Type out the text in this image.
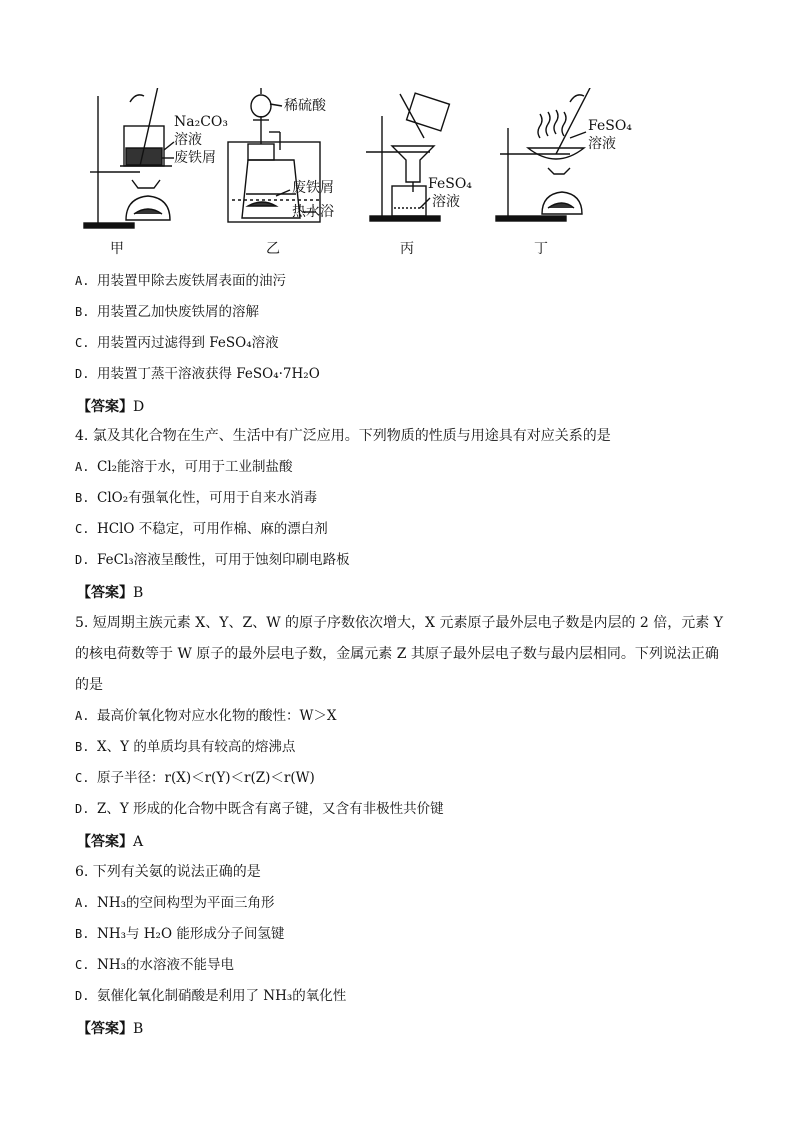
Na₂CO₃
溶液
废铁屑
稀硫酸
废铁屑
热水浴
FeSO₄
溶液
FeSO₄
溶液
甲	乙	丙	丁
A. 用装置甲除去废铁屑表面的油污
B. 用装置乙加快废铁屑的溶解
C. 用装置丙过滤得到 FeSO₄溶液
D. 用装置丁蒸干溶液获得 FeSO₄·7H₂O
【答案】D
4. 氯及其化合物在生产、生活中有广泛应用。下列物质的性质与用途具有对应关系的是
A. Cl₂能溶于水，可用于工业制盐酸
B. ClO₂有强氧化性，可用于自来水消毒
C. HClO 不稳定，可用作棉、麻的漂白剂
D. FeCl₃溶液呈酸性，可用于蚀刻印刷电路板
【答案】B
5. 短周期主族元素 X、Y、Z、W 的原子序数依次增大，X 元素原子最外层电子数是内层的 2 倍，元素 Y
的核电荷数等于 W 原子的最外层电子数，金属元素 Z 其原子最外层电子数与最内层相同。下列说法正确
的是
A. 最高价氧化物对应水化物的酸性：W＞X
B. X、Y 的单质均具有较高的熔沸点
C. 原子半径：r(X)＜r(Y)＜r(Z)＜r(W)
D. Z、Y 形成的化合物中既含有离子键，又含有非极性共价键
【答案】A
6. 下列有关氨的说法正确的是
A. NH₃的空间构型为平面三角形
B. NH₃与 H₂O 能形成分子间氢键
C. NH₃的水溶液不能导电
D. 氨催化氧化制硝酸是利用了 NH₃的氧化性
【答案】B
